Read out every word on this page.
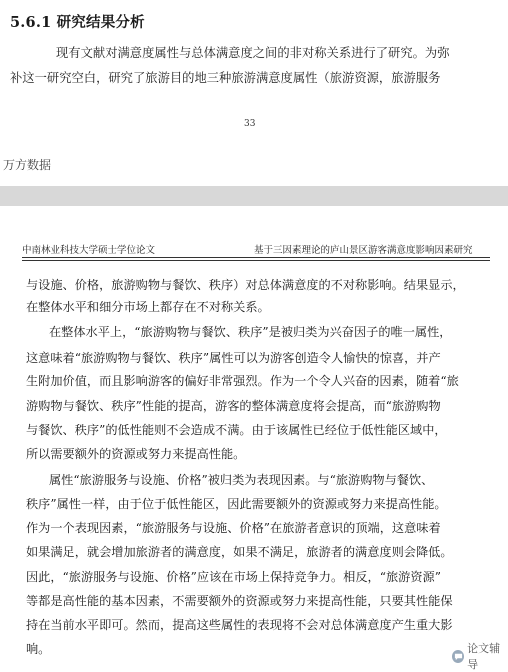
5.6.1 研究结果分析
现有文献对满意度属性与总体满意度之间的非对称关系进行了研究。为弥
补这一研究空白，研究了旅游目的地三种旅游满意度属性（旅游资源，旅游服务
33
万方数据
中南林业科技大学硕士学位论文	基于三因素理论的庐山景区游客满意度影响因素研究
与设施、价格，旅游购物与餐饮、秩序）对总体满意度的不对称影响。结果显示，
在整体水平和细分市场上都存在不对称关系。
在整体水平上，“旅游购物与餐饮、秩序”是被归类为兴奋因子的唯一属性，
这意味着“旅游购物与餐饮、秩序”属性可以为游客创造令人愉快的惊喜，并产
生附加价值，而且影响游客的偏好非常强烈。作为一个令人兴奋的因素，随着“旅
游购物与餐饮、秩序”性能的提高，游客的整体满意度将会提高，而“旅游购物
与餐饮、秩序”的低性能则不会造成不满。由于该属性已经位于低性能区域中，
所以需要额外的资源或努力来提高性能。
属性“旅游服务与设施、价格”被归类为表现因素。与“旅游购物与餐饮、
秩序”属性一样，由于位于低性能区，因此需要额外的资源或努力来提高性能。
作为一个表现因素，“旅游服务与设施、价格”在旅游者意识的顶端，这意味着
如果满足，就会增加旅游者的满意度，如果不满足，旅游者的满意度则会降低。
因此，“旅游服务与设施、价格”应该在市场上保持竞争力。相反，“旅游资源”
等都是高性能的基本因素，不需要额外的资源或努力来提高性能，只要其性能保
持在当前水平即可。然而，提高这些属性的表现将不会对总体满意度产生重大影
响。	论文辅导
